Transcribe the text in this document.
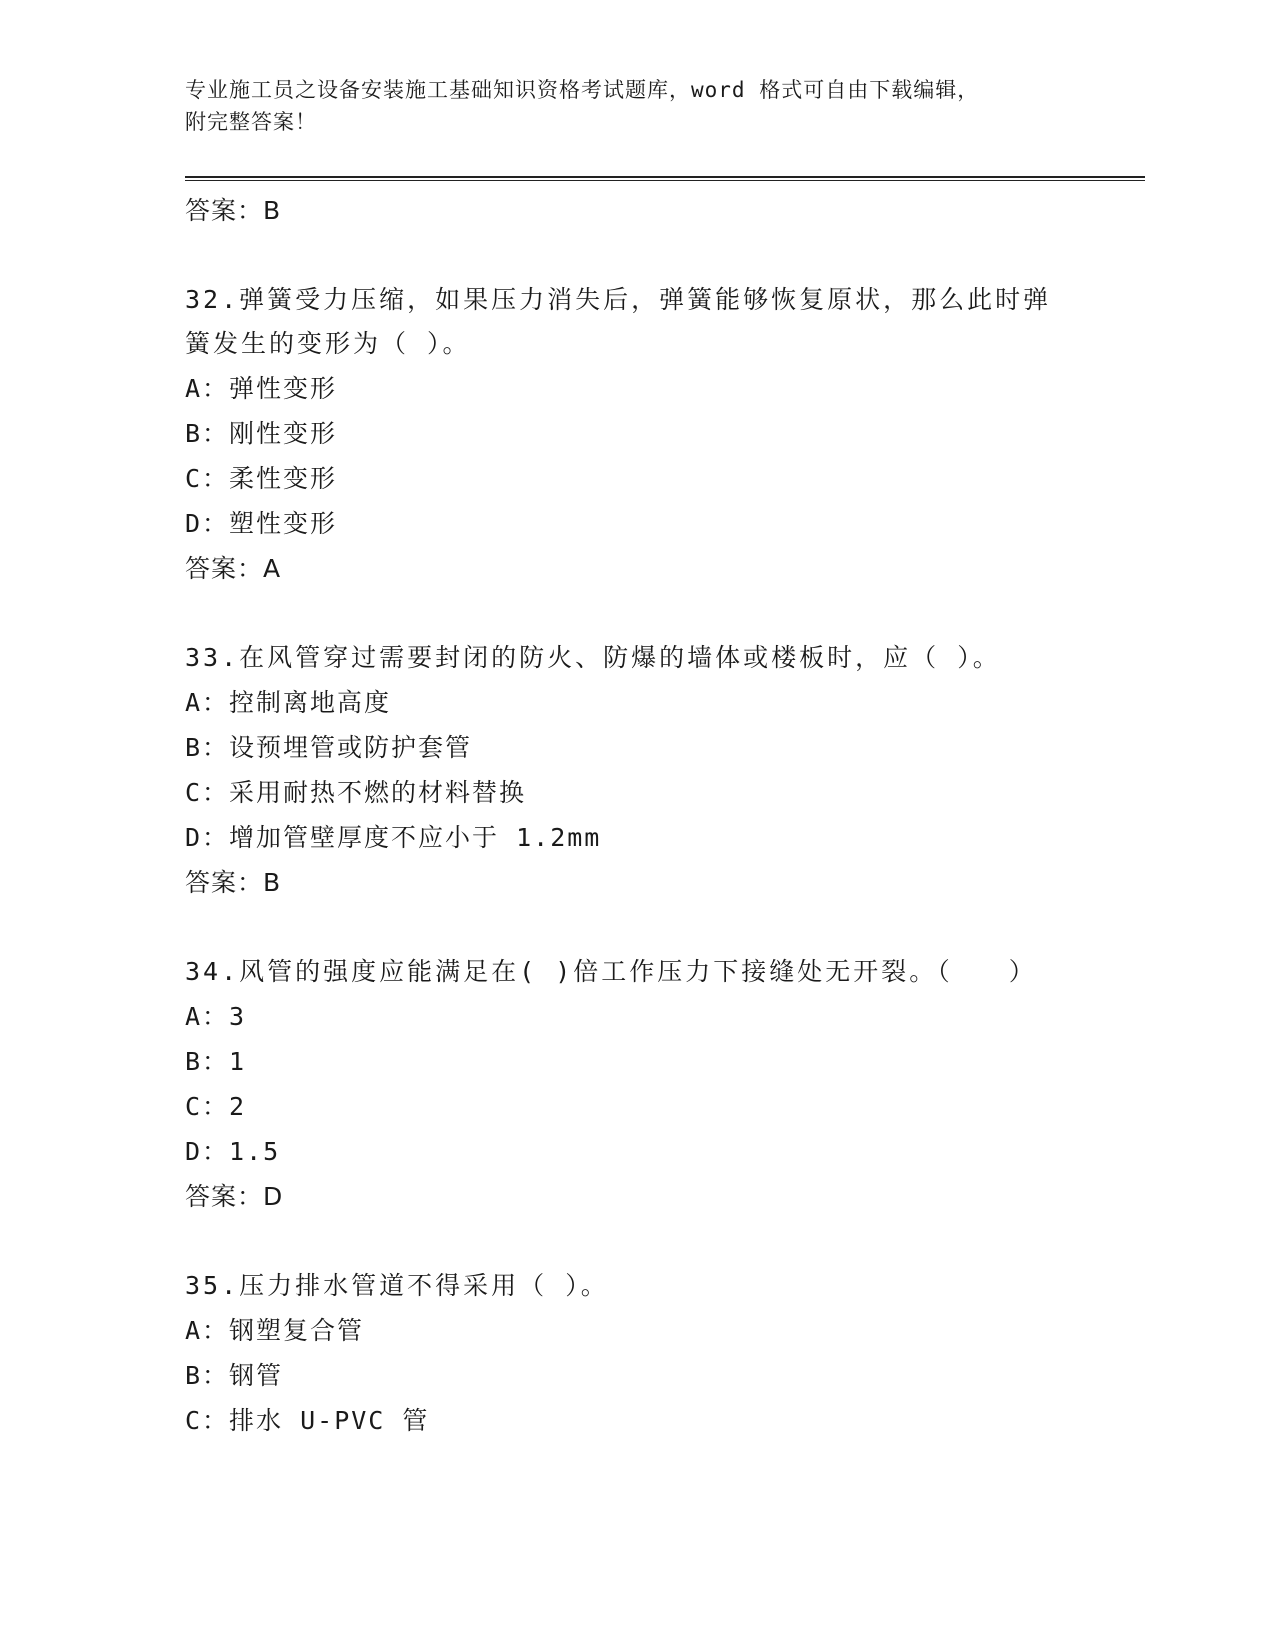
专业施工员之设备安装施工基础知识资格考试题库，word 格式可自由下载编辑，
附完整答案！
答案：B
32.弹簧受力压缩，如果压力消失后，弹簧能够恢复原状，那么此时弹簧发生的变形为（ ）。
A：弹性变形
B：刚性变形
C：柔性变形
D：塑性变形
答案：A
33.在风管穿过需要封闭的防火、防爆的墙体或楼板时，应（ ）。
A：控制离地高度
B：设预埋管或防护套管
C：采用耐热不燃的材料替换
D：增加管壁厚度不应小于 1.2mm
答案：B
34.风管的强度应能满足在( )倍工作压力下接缝处无开裂。（　　）
A：3
B：1
C：2
D：1.5
答案：D
35.压力排水管道不得采用（ ）。
A：钢塑复合管
B：钢管
C：排水 U-PVC 管
